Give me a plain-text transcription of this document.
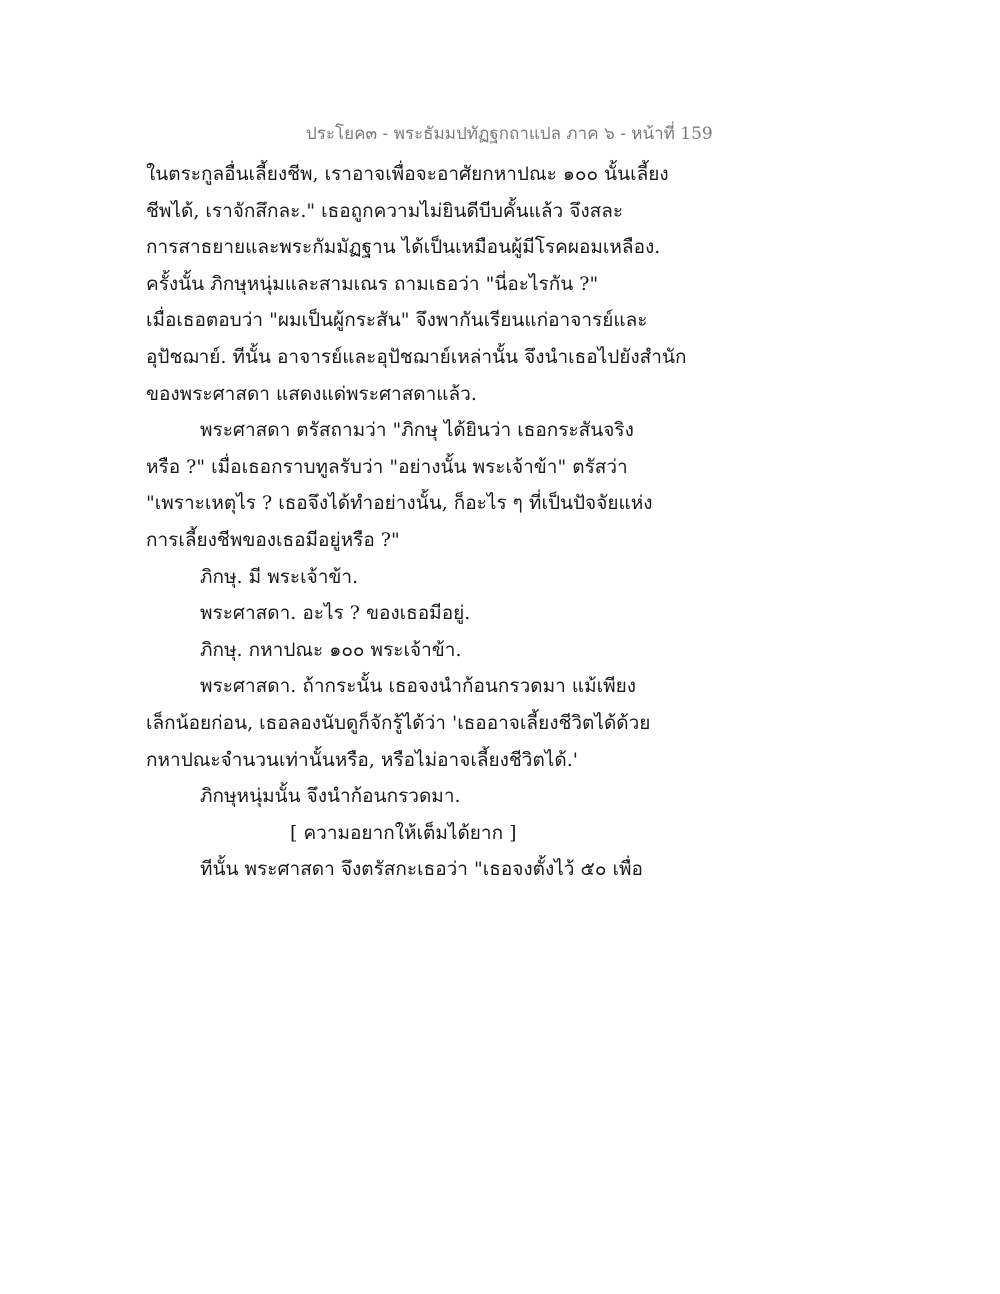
ประโยค๓ - พระธัมมปทัฏฐกถาแปล ภาค ๖ - หน้าที่ 159
ในตระกูลอื่นเลี้ยงชีพ, เราอาจเพื่อจะอาศัยกหาปณะ ๑๐๐ นั้นเลี้ยง
ชีพได้, เราจักสึกละ." เธอถูกความไม่ยินดีบีบคั้นแล้ว จึงสละ
การสาธยายและพระกัมมัฏฐาน ได้เป็นเหมือนผู้มีโรคผอมเหลือง.
ครั้งนั้น ภิกษุหนุ่มและสามเณร ถามเธอว่า "นี่อะไรกัน ?"
เมื่อเธอตอบว่า "ผมเป็นผู้กระสัน" จึงพากันเรียนแก่อาจารย์และ
อุปัชฌาย์. ทีนั้น อาจารย์และอุปัชฌาย์เหล่านั้น จึงนำเธอไปยังสำนัก
ของพระศาสดา แสดงแด่พระศาสดาแล้ว.
พระศาสดา ตรัสถามว่า "ภิกษุ ได้ยินว่า เธอกระสันจริง
หรือ ?" เมื่อเธอกราบทูลรับว่า "อย่างนั้น พระเจ้าข้า" ตรัสว่า
"เพราะเหตุไร ? เธอจึงได้ทำอย่างนั้น, ก็อะไร ๆ ที่เป็นปัจจัยแห่ง
การเลี้ยงชีพของเธอมีอยู่หรือ ?"
ภิกษุ. มี พระเจ้าข้า.
พระศาสดา. อะไร ? ของเธอมีอยู่.
ภิกษุ. กหาปณะ ๑๐๐ พระเจ้าข้า.
พระศาสดา. ถ้ากระนั้น เธอจงนำก้อนกรวดมา แม้เพียง
เล็กน้อยก่อน, เธอลองนับดูก็จักรู้ได้ว่า 'เธออาจเลี้ยงชีวิตได้ด้วย
กหาปณะจำนวนเท่านั้นหรือ, หรือไม่อาจเลี้ยงชีวิตได้.'
ภิกษุหนุ่มนั้น จึงนำก้อนกรวดมา.
[ ความอยากให้เต็มได้ยาก ]
ทีนั้น พระศาสดา จึงตรัสกะเธอว่า "เธอจงตั้งไว้ ๕๐ เพื่อ
